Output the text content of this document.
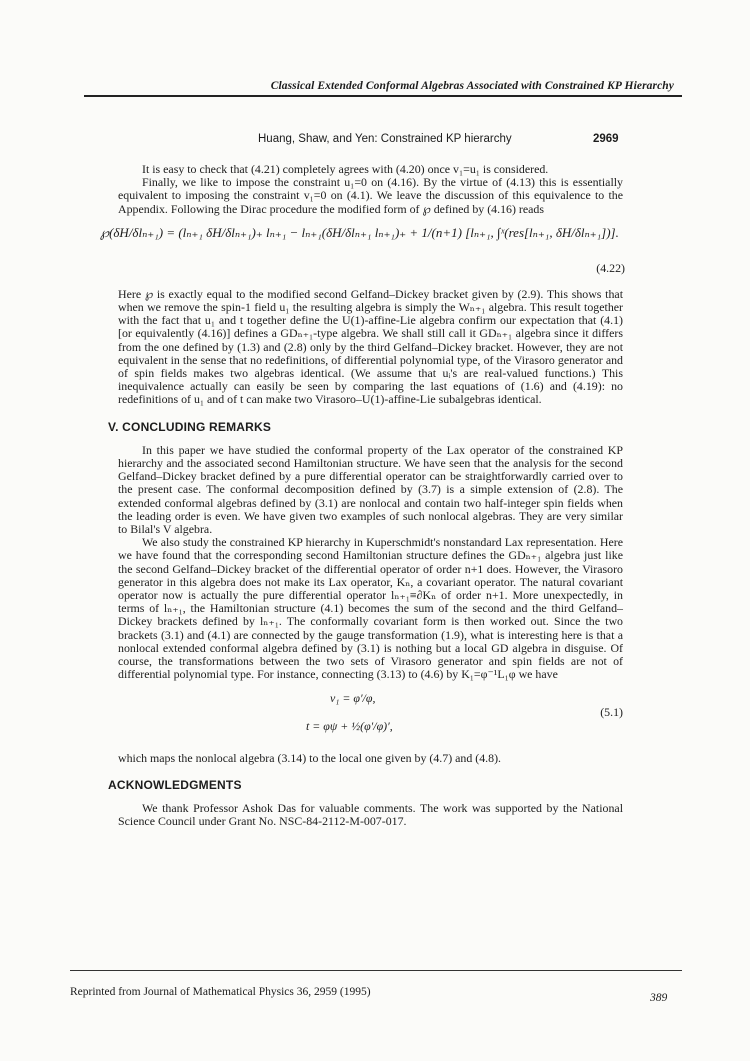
Classical Extended Conformal Algebras Associated with Constrained KP Hierarchy
Huang, Shaw, and Yen: Constrained KP hierarchy	2969

It is easy to check that (4.21) completely agrees with (4.20) once v₁=u₁ is considered.

Finally, we like to impose the constraint u₁=0 on (4.16). By the virtue of (4.13) this is essentially equivalent to imposing the constraint v₁=0 on (4.1). We leave the discussion of this equivalence to the Appendix. Following the Dirac procedure the modified form of ℘ defined by (4.16) reads

℘(δH/δlₙ₊₁) = (lₙ₊₁ δH/δlₙ₊₁)₊ lₙ₊₁ − lₙ₊₁(δH/δlₙ₊₁ lₙ₊₁)₊ + 1/(n+1) [lₙ₊₁, ∫ˣ(res[lₙ₊₁, δH/δlₙ₊₁])].
(4.22)

Here ℘ is exactly equal to the modified second Gelfand–Dickey bracket given by (2.9). This shows that when we remove the spin-1 field u₁ the resulting algebra is simply the Wₙ₊₁ algebra. This result together with the fact that u₁ and t together define the U(1)-affine-Lie algebra confirm our expectation that (4.1) [or equivalently (4.16)] defines a GDₙ₊₁-type algebra. We shall still call it GDₙ₊₁ algebra since it differs from the one defined by (1.3) and (2.8) only by the third Gelfand–Dickey bracket. However, they are not equivalent in the sense that no redefinitions, of differential polynomial type, of the Virasoro generator and of spin fields makes two algebras identical. (We assume that uᵢ's are real-valued functions.) This inequivalence actually can easily be seen by comparing the last equations of (1.6) and (4.19): no redefinitions of u₁ and of t can make two Virasoro–U(1)-affine-Lie subalgebras identical.

V. CONCLUDING REMARKS

In this paper we have studied the conformal property of the Lax operator of the constrained KP hierarchy and the associated second Hamiltonian structure. We have seen that the analysis for the second Gelfand–Dickey bracket defined by a pure differential operator can be straightforwardly carried over to the present case. The conformal decomposition defined by (3.7) is a simple extension of (2.8). The extended conformal algebras defined by (3.1) are nonlocal and contain two half-integer spin fields when the leading order is even. We have given two examples of such nonlocal algebras. They are very similar to Bilal's V algebra.

We also study the constrained KP hierarchy in Kuperschmidt's nonstandard Lax representation. Here we have found that the corresponding second Hamiltonian structure defines the GDₙ₊₁ algebra just like the second Gelfand–Dickey bracket of the differential operator of order n+1 does. However, the Virasoro generator in this algebra does not make its Lax operator, Kₙ, a covariant operator. The natural covariant operator now is actually the pure differential operator lₙ₊₁≡∂Kₙ of order n+1. More unexpectedly, in terms of lₙ₊₁, the Hamiltonian structure (4.1) becomes the sum of the second and the third Gelfand–Dickey brackets defined by lₙ₊₁. The conformally covariant form is then worked out. Since the two brackets (3.1) and (4.1) are connected by the gauge transformation (1.9), what is interesting here is that a nonlocal extended conformal algebra defined by (3.1) is nothing but a local GD algebra in disguise. Of course, the transformations between the two sets of Virasoro generator and spin fields are not of differential polynomial type. For instance, connecting (3.13) to (4.6) by K₁=φ⁻¹L₁φ we have

v₁ = φ′/φ,
t = φψ + ½(φ′/φ)′,
(5.1)

which maps the nonlocal algebra (3.14) to the local one given by (4.7) and (4.8).

ACKNOWLEDGMENTS

We thank Professor Ashok Das for valuable comments. The work was supported by the National Science Council under Grant No. NSC-84-2112-M-007-017.

Reprinted from Journal of Mathematical Physics 36, 2959 (1995)	389
